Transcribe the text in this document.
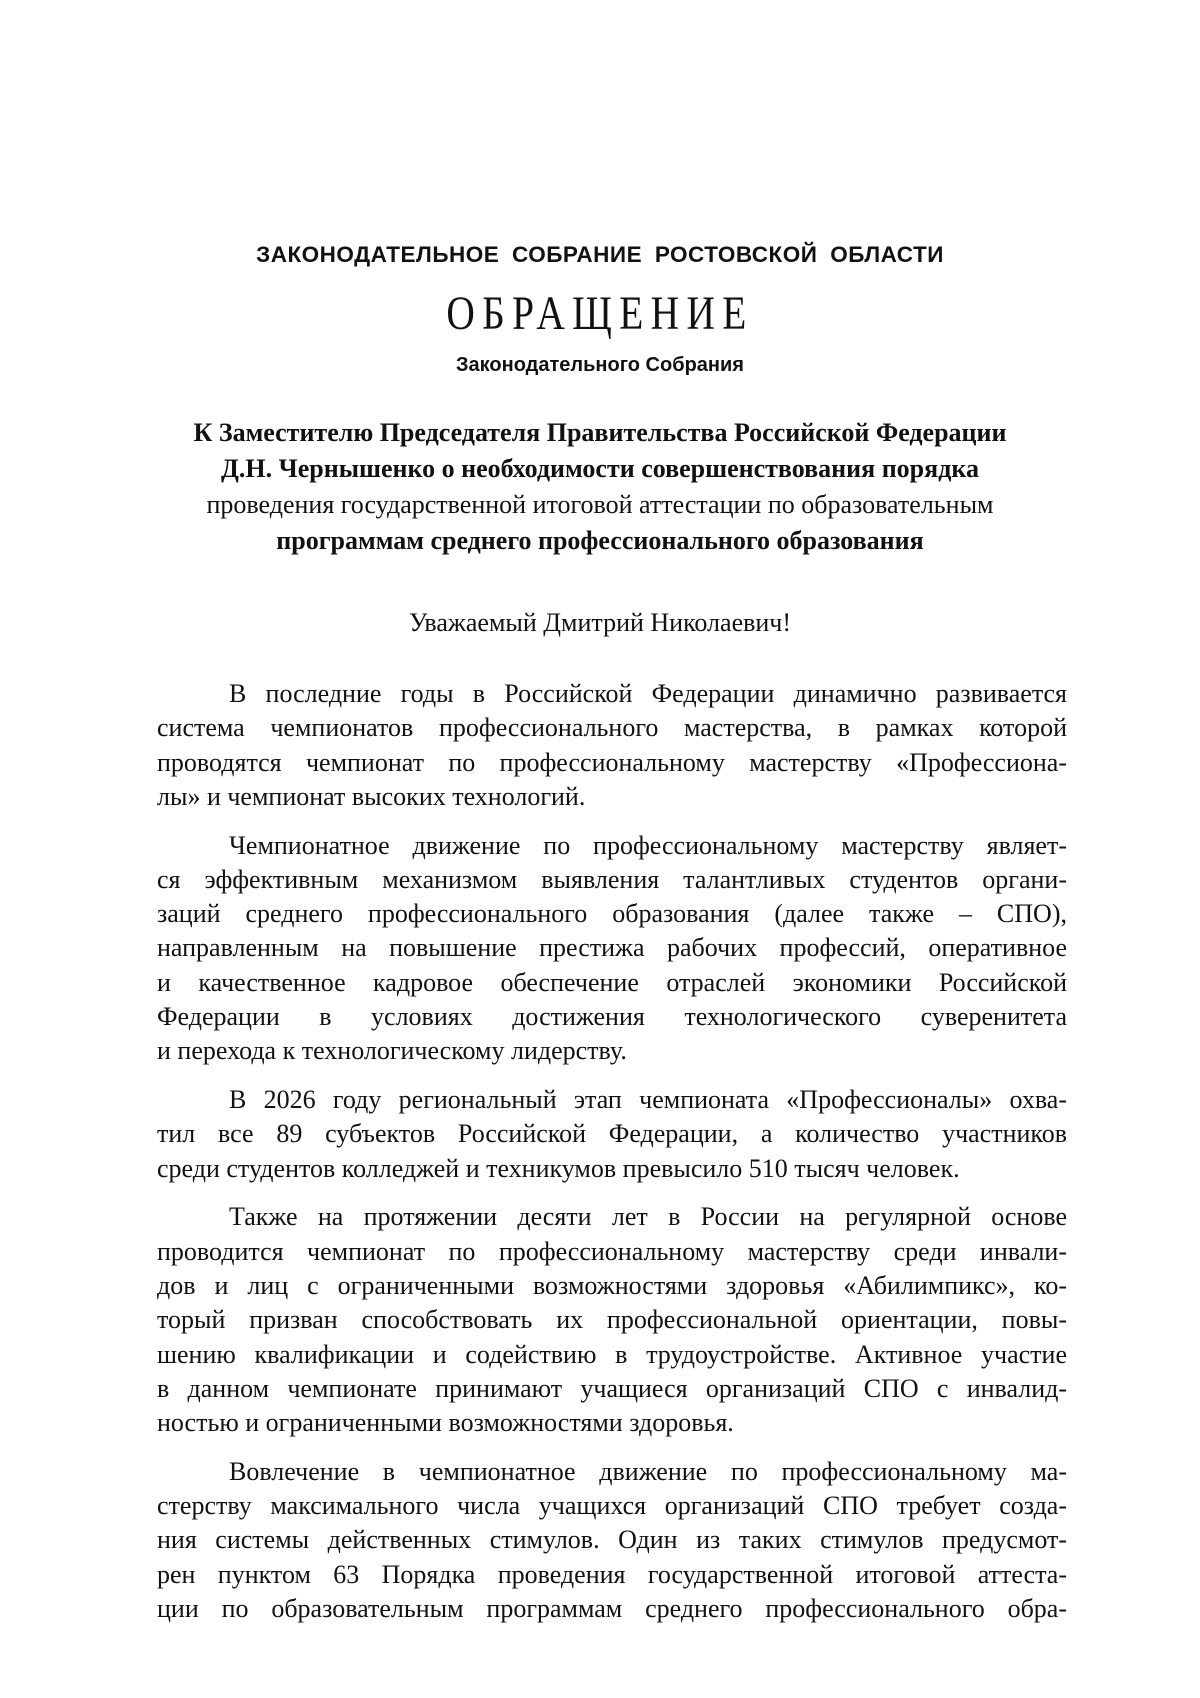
ЗАКОНОДАТЕЛЬНОЕ СОБРАНИЕ РОСТОВСКОЙ ОБЛАСТИ
ОБРАЩЕНИЕ
Законодательного Собрания
К Заместителю Председателя Правительства Российской Федерации
Д.Н. Чернышенко о необходимости совершенствования порядка
проведения государственной итоговой аттестации по образовательным
программам среднего профессионального образования
Уважаемый Дмитрий Николаевич!
В последние годы в Российской Федерации динамично развивается
система чемпионатов профессионального мастерства, в рамках которой
проводятся чемпионат по профессиональному мастерству «Профессиона-
лы» и чемпионат высоких технологий.
Чемпионатное движение по профессиональному мастерству являет-
ся эффективным механизмом выявления талантливых студентов органи-
заций среднего профессионального образования (далее также – СПО),
направленным на повышение престижа рабочих профессий, оперативное
и качественное кадровое обеспечение отраслей экономики Российской
Федерации в условиях достижения технологического суверенитета
и перехода к технологическому лидерству.
В 2026 году региональный этап чемпионата «Профессионалы» охва-
тил все 89 субъектов Российской Федерации, а количество участников
среди студентов колледжей и техникумов превысило 510 тысяч человек.
Также на протяжении десяти лет в России на регулярной основе
проводится чемпионат по профессиональному мастерству среди инвали-
дов и лиц с ограниченными возможностями здоровья «Абилимпикс», ко-
торый призван способствовать их профессиональной ориентации, повы-
шению квалификации и содействию в трудоустройстве. Активное участие
в данном чемпионате принимают учащиеся организаций СПО с инвалид-
ностью и ограниченными возможностями здоровья.
Вовлечение в чемпионатное движение по профессиональному ма-
стерству максимального числа учащихся организаций СПО требует созда-
ния системы действенных стимулов. Один из таких стимулов предусмот-
рен пунктом 63 Порядка проведения государственной итоговой аттеста-
ции по образовательным программам среднего профессионального обра-
